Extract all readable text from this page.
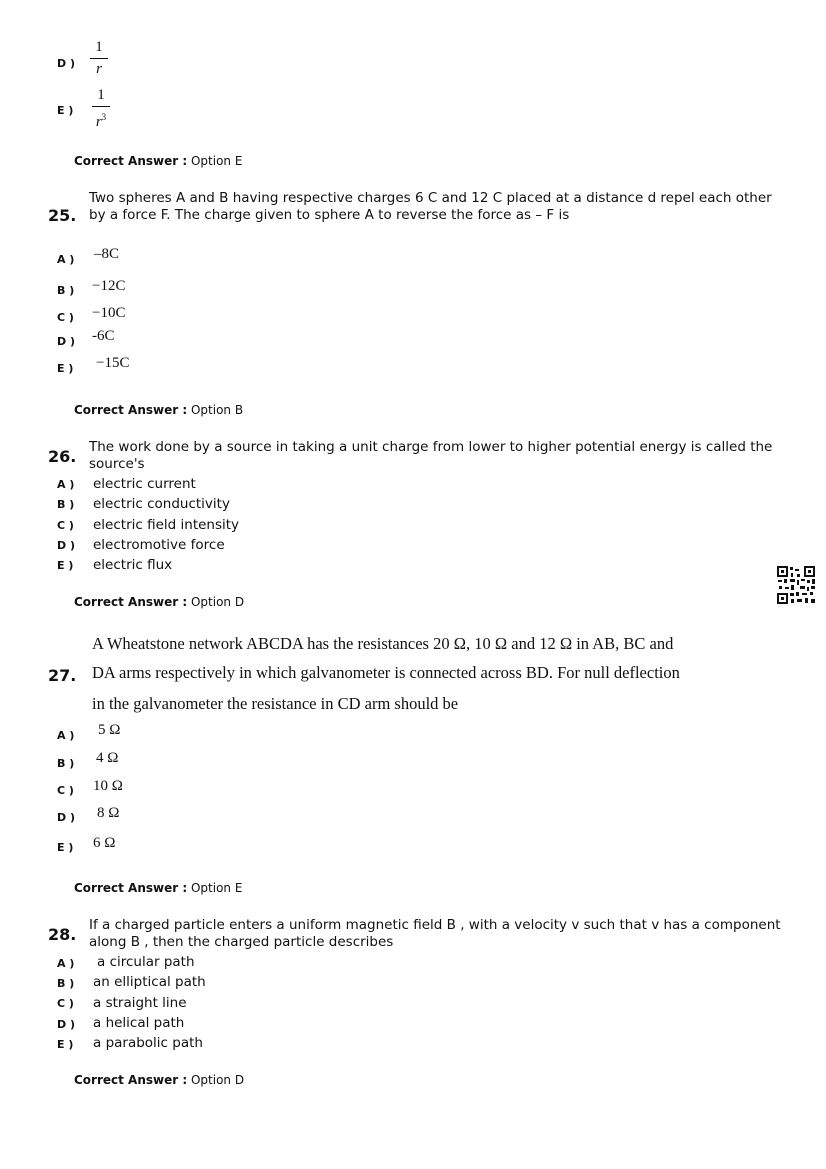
D )
1
r
E )
1
$r^3$
Correct Answer : Option E
25.
Two spheres A and B having respective charges 6 C and 12 C placed at a distance d repel each other
by a force F. The charge given to sphere A to reverse the force as – F is
A ) –8C
B ) −12C
C ) −10C
D ) -6C
E ) −15C
Correct Answer : Option B
26. The work done by a source in taking a unit charge from lower to higher potential energy is called the
source's
A ) electric current
B ) electric conductivity
C ) electric field intensity
D ) electromotive force
E ) electric flux
Correct Answer : Option D
27.
A Wheatstone network ABCDA has the resistances 20 Ω, 10 Ω and 12 Ω in AB, BC and
DA arms respectively in which galvanometer is connected across BD. For null deflection
in the galvanometer the resistance in CD arm should be
A ) 5 Ω
B ) 4 Ω
C ) 10 Ω
D ) 8 Ω
E ) 6 Ω
Correct Answer : Option E
28. If a charged particle enters a uniform magnetic field B , with a velocity v such that v has a component
along B , then the charged particle describes
A ) a circular path
B ) an elliptical path
C ) a straight line
D ) a helical path
E ) a parabolic path
Correct Answer : Option D
